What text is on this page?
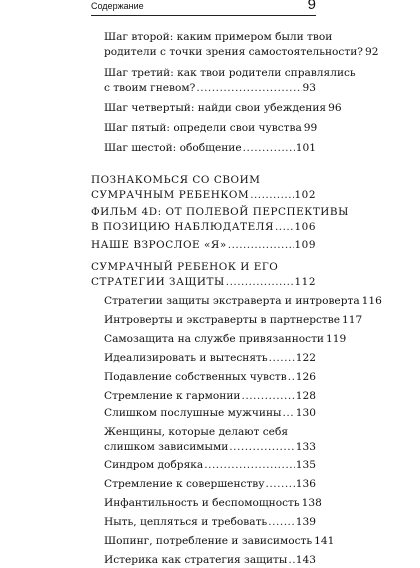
Содержание	9
Шаг второй: каким примером были твои
родители с точки зрения самостоятельности? 92
Шаг третий: как твои родители справлялись
с твоим гневом? .....	93
Шаг четвертый: найди свои убеждения 96
Шаг пятый: определи свои чувства 99
Шаг шестой: обобщение .....	101
ПОЗНАКОМЬСЯ СО СВОИМ
СУМРАЧНЫМ РЕБЕНКОМ .....	102
ФИЛЬМ 4D: ОТ ПОЛЕВОЙ ПЕРСПЕКТИВЫ
В ПОЗИЦИЮ НАБЛЮДАТЕЛЯ ..... 106
НАШЕ ВЗРОСЛОЕ «Я» .....	109
СУМРАЧНЫЙ РЕБЕНОК И ЕГО
СТРАТЕГИИ ЗАЩИТЫ .....	112
Стратегии защиты экстраверта и интроверта 116
Интроверты и экстраверты в партнерстве 117
Самозащита на службе привязанности 119
Идеализировать и вытеснять .....	122
Подавление собственных чувств ..... 126
Стремление к гармонии .....	128
Слишком послушные мужчины ..... 130
Женщины, которые делают себя
слишком зависимыми .....	133
Синдром добряка .....	135
Стремление к совершенству .....	136
Инфантильность и беспомощность 138
Ныть, цепляться и требовать .....	139
Шопинг, потребление и зависимость 141
Истерика как стратегия защиты ..... 143
